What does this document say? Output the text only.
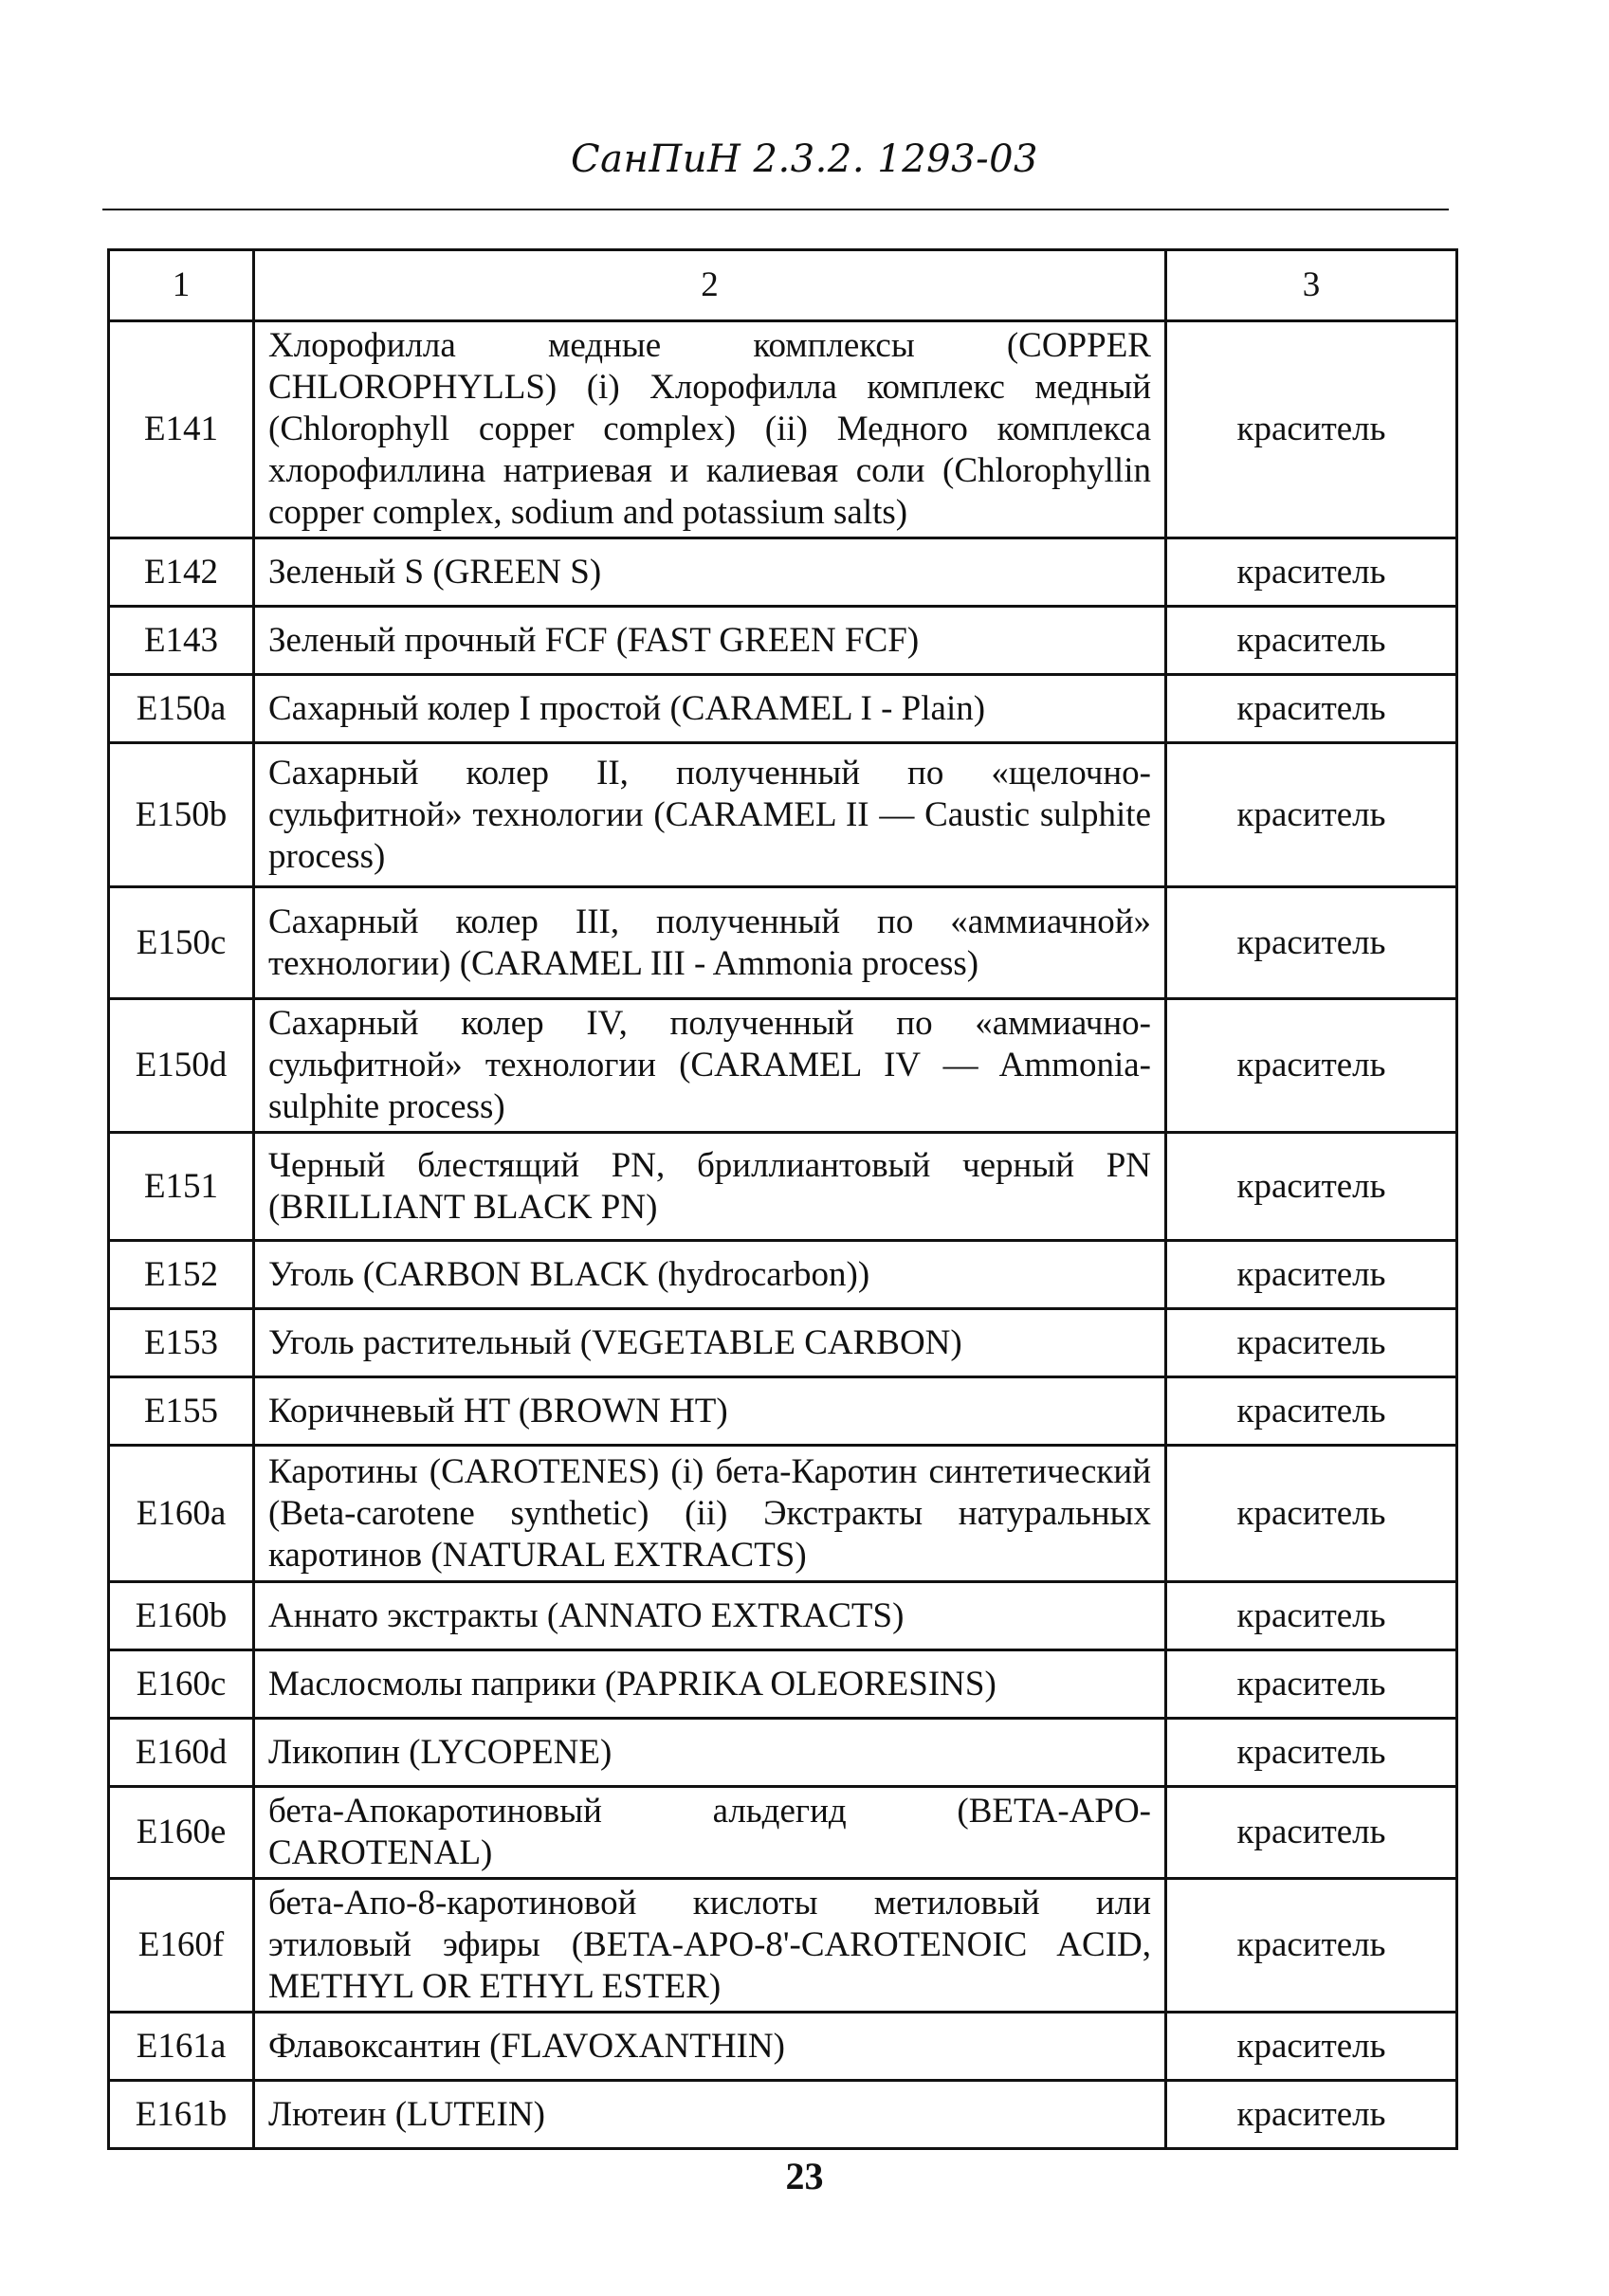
СанПиН 2.3.2. 1293-03
1	2	3
E141	Хлорофилла медные комплексы (COPPER CHLOROPHYLLS) (i) Хлорофилла комплекс медный (Chlorophyll copper complex) (ii) Медного комплекса хлорофиллина натриевая и калиевая соли (Chlorophyllin copper complex, sodium and potassium salts)	краситель
E142	Зеленый S (GREEN S)	краситель
E143	Зеленый прочный FCF (FAST GREEN FCF)	краситель
E150a	Сахарный колер I простой (CARAMEL I - Plain)	краситель
E150b	Сахарный колер II, полученный по «щелочно-сульфитной» технологии (CARAMEL II — Caustic sulphite process)	краситель
E150c	Сахарный колер III, полученный по «аммиачной» технологии) (CARAMEL III - Ammonia process)	краситель
E150d	Сахарный колер IV, полученный по «аммиачно-сульфитной» технологии (CARAMEL IV — Ammonia-sulphite process)	краситель
E151	Черный блестящий PN, бриллиантовый черный PN (BRILLIANT BLACK PN)	краситель
E152	Уголь (CARBON BLACK (hydrocarbon))	краситель
E153	Уголь растительный (VEGETABLE CARBON)	краситель
E155	Коричневый HT (BROWN HT)	краситель
E160a	Каротины (CAROTENES) (i) бета-Каротин синтетический (Beta-carotene synthetic) (ii) Экстракты натуральных каротинов (NATURAL EXTRACTS)	краситель
E160b	Аннато экстракты (ANNATO EXTRACTS)	краситель
E160c	Маслосмолы паприки (PAPRIKA OLEORESINS)	краситель
E160d	Ликопин (LYCOPENE)	краситель
E160e	бета-Апокаротиновый альдегид (BETA-APO-CAROTENAL)	краситель
E160f	бета-Апо-8-каротиновой кислоты метиловый или этиловый эфиры (BETA-APO-8'-CAROTENOIC ACID, METHYL OR ETHYL ESTER)	краситель
E161a	Флавоксантин (FLAVOXANTHIN)	краситель
E161b	Лютеин (LUTEIN)	краситель
23
